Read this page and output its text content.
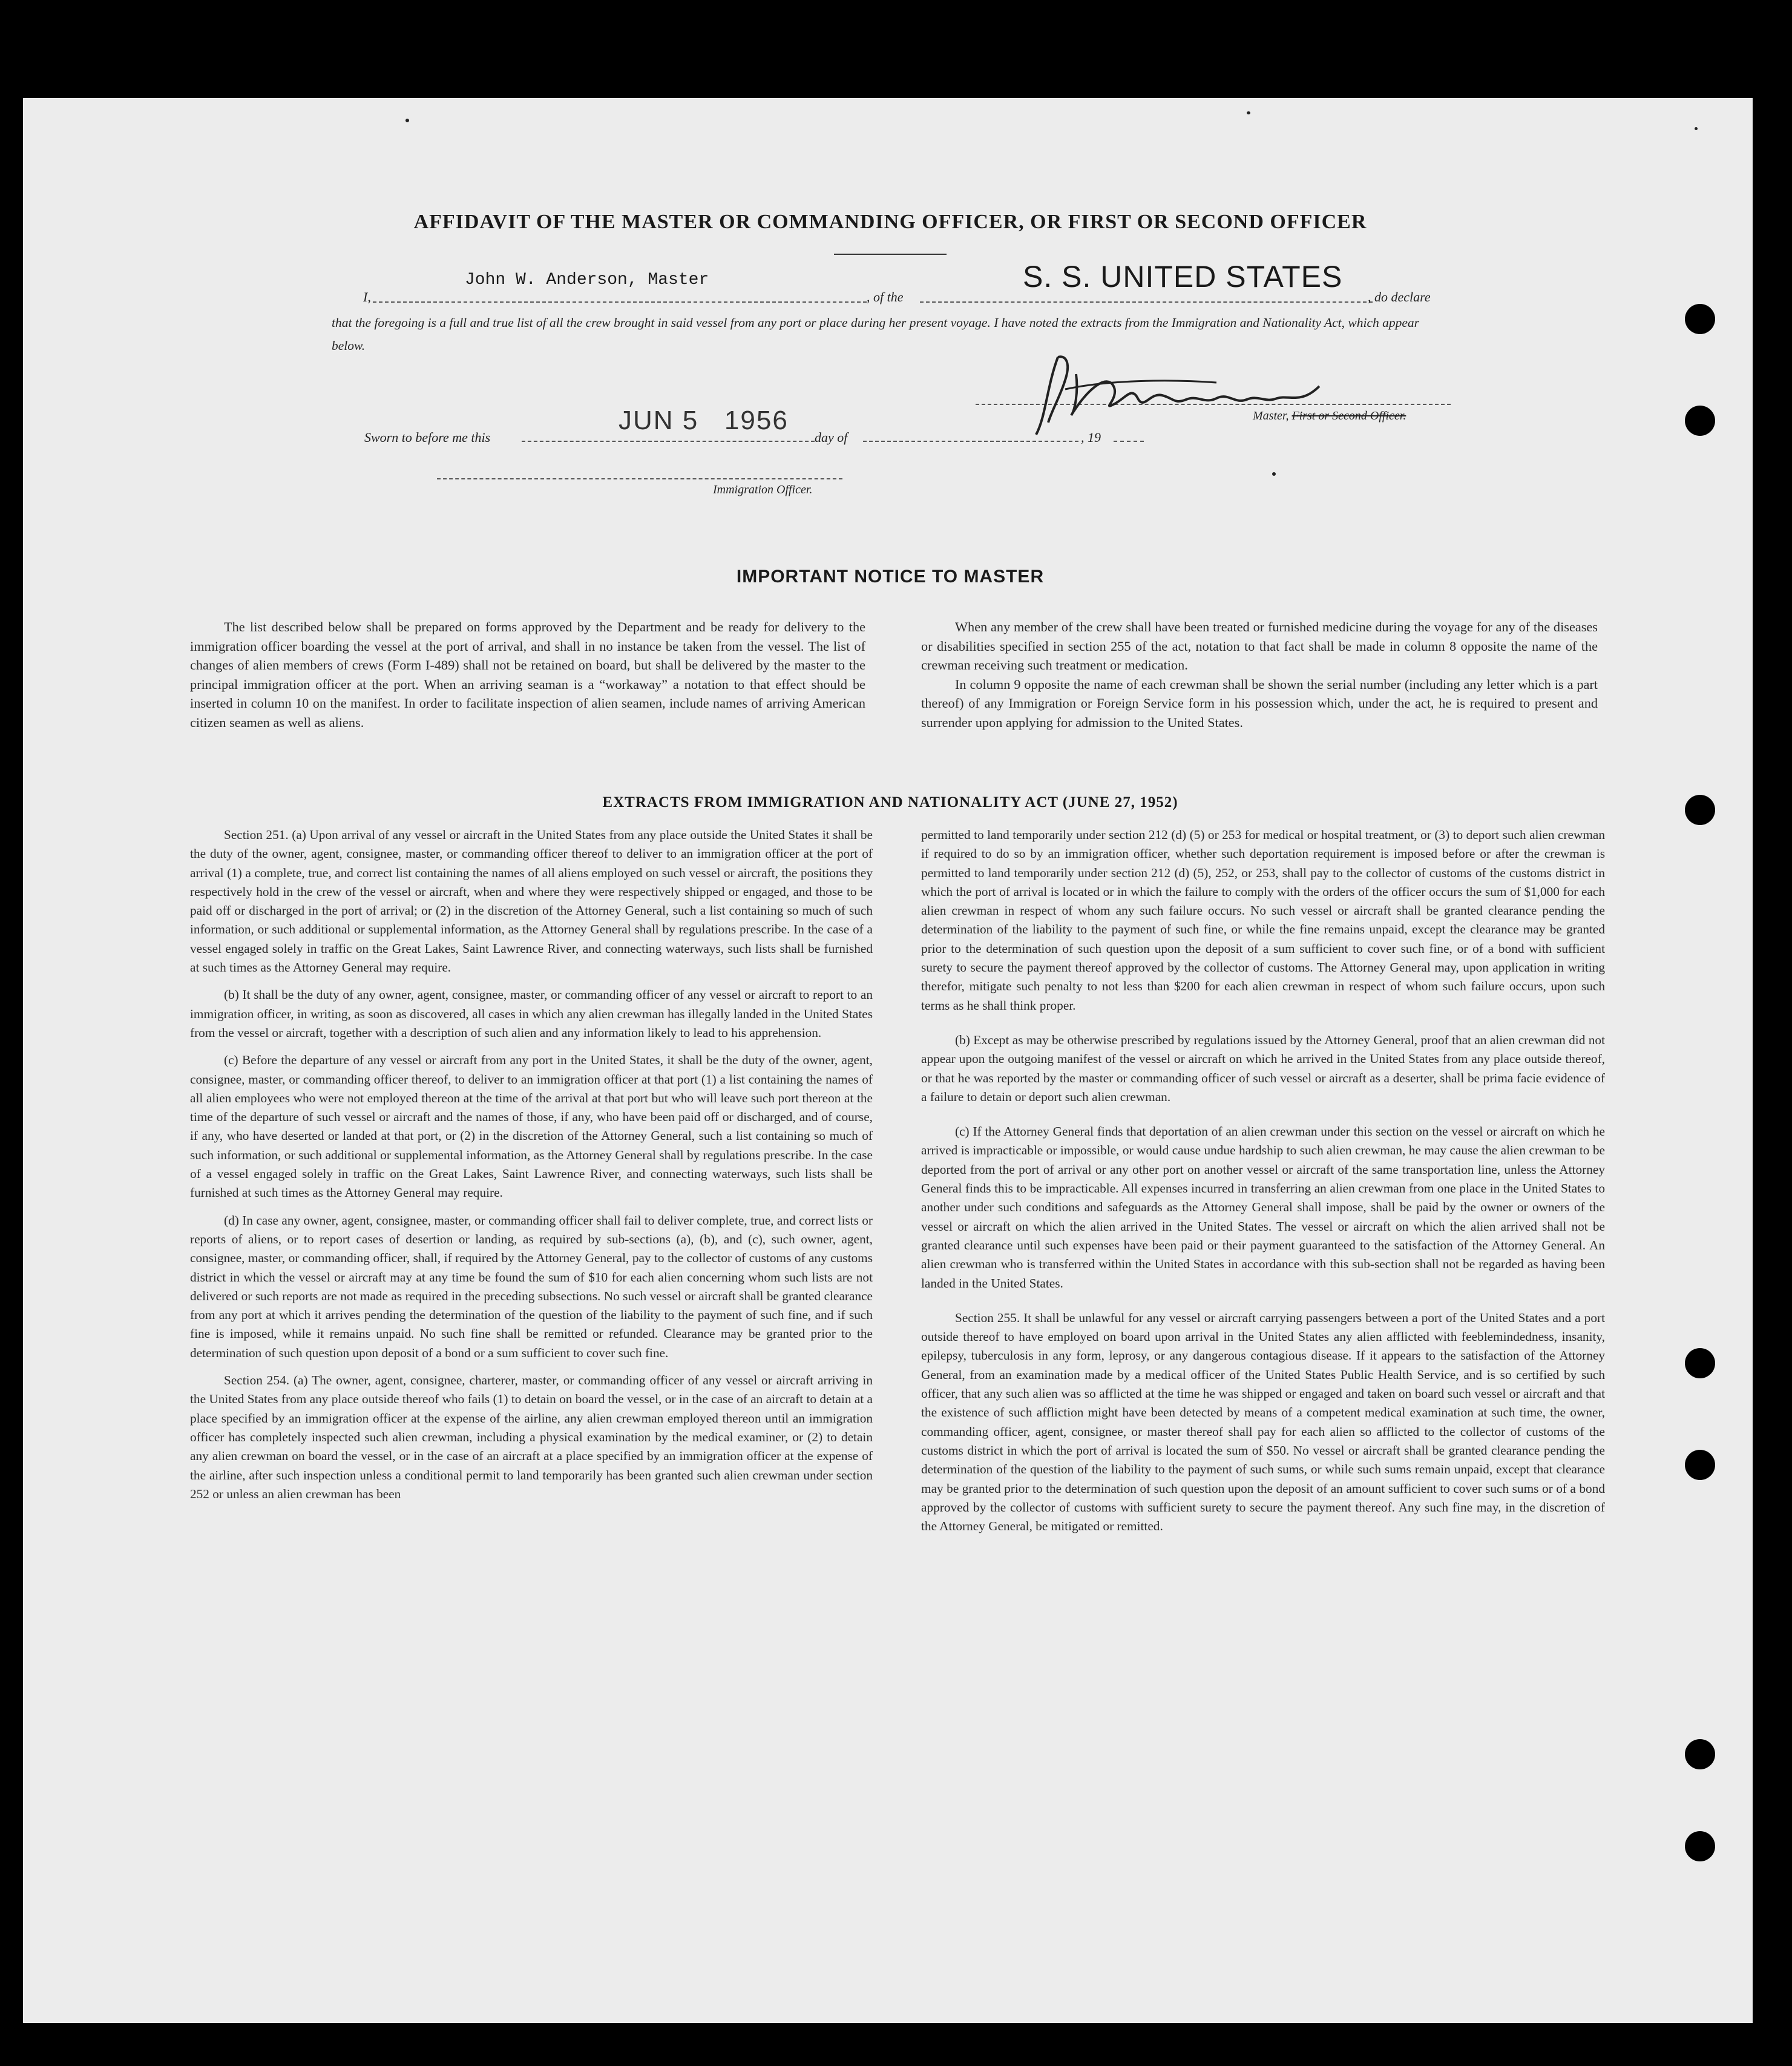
AFFIDAVIT OF THE MASTER OR COMMANDING OFFICER, OR FIRST OR SECOND OFFICER
I,
John W. Anderson, Master
, of the
S. S. UNITED STATES
, do declare
that the foregoing is a full and true list of all the crew brought in said vessel from any port or place during her present voyage. I have noted the extracts from the Immigration and Nationality Act, which appear below.
Master, First or Second Officer.
Sworn to before me this
JUN 5   1956
day of	, 19
Immigration Officer.
IMPORTANT NOTICE TO MASTER

The list described below shall be prepared on forms approved by the Department and be ready for delivery to the immigration officer boarding the vessel at the port of arrival, and shall in no instance be taken from the vessel. The list of changes of alien members of crews (Form I-489) shall not be retained on board, but shall be delivered by the master to the principal immigration officer at the port. When an arriving seaman is a “workaway” a notation to that effect should be inserted in column 10 on the manifest. In order to facilitate inspection of alien seamen, include names of arriving American citizen seamen as well as aliens.

When any member of the crew shall have been treated or furnished medicine during the voyage for any of the diseases or disabilities specified in section 255 of the act, notation to that fact shall be made in column 8 opposite the name of the crewman receiving such treatment or medication.

In column 9 opposite the name of each crewman shall be shown the serial number (including any letter which is a part thereof) of any Immigration or Foreign Service form in his possession which, under the act, he is required to present and surrender upon applying for admission to the United States.

EXTRACTS FROM IMMIGRATION AND NATIONALITY ACT (JUNE 27, 1952)

Section 251. (a) Upon arrival of any vessel or aircraft in the United States from any place outside the United States it shall be the duty of the owner, agent, consignee, master, or commanding officer thereof to deliver to an immigration officer at the port of arrival (1) a complete, true, and correct list containing the names of all aliens employed on such vessel or aircraft, the positions they respectively hold in the crew of the vessel or aircraft, when and where they were respectively shipped or engaged, and those to be paid off or discharged in the port of arrival; or (2) in the discretion of the Attorney General, such a list containing so much of such information, or such additional or supplemental information, as the Attorney General shall by regulations prescribe. In the case of a vessel engaged solely in traffic on the Great Lakes, Saint Lawrence River, and connecting waterways, such lists shall be furnished at such times as the Attorney General may require.

(b) It shall be the duty of any owner, agent, consignee, master, or commanding officer of any vessel or aircraft to report to an immigration officer, in writing, as soon as discovered, all cases in which any alien crewman has illegally landed in the United States from the vessel or aircraft, together with a description of such alien and any information likely to lead to his apprehension.

(c) Before the departure of any vessel or aircraft from any port in the United States, it shall be the duty of the owner, agent, consignee, master, or commanding officer thereof, to deliver to an immigration officer at that port (1) a list containing the names of all alien employees who were not employed thereon at the time of the arrival at that port but who will leave such port thereon at the time of the departure of such vessel or aircraft and the names of those, if any, who have been paid off or discharged, and of course, if any, who have deserted or landed at that port, or (2) in the discretion of the Attorney General, such a list containing so much of such information, or such additional or supplemental information, as the Attorney General shall by regulations prescribe. In the case of a vessel engaged solely in traffic on the Great Lakes, Saint Lawrence River, and connecting waterways, such lists shall be furnished at such times as the Attorney General may require.

(d) In case any owner, agent, consignee, master, or commanding officer shall fail to deliver complete, true, and correct lists or reports of aliens, or to report cases of desertion or landing, as required by sub-sections (a), (b), and (c), such owner, agent, consignee, master, or commanding officer, shall, if required by the Attorney General, pay to the collector of customs of any customs district in which the vessel or aircraft may at any time be found the sum of $10 for each alien concerning whom such lists are not delivered or such reports are not made as required in the preceding subsections. No such vessel or aircraft shall be granted clearance from any port at which it arrives pending the determination of the question of the liability to the payment of such fine, and if such fine is imposed, while it remains unpaid. No such fine shall be remitted or refunded. Clearance may be granted prior to the determination of such question upon deposit of a bond or a sum sufficient to cover such fine.

Section 254. (a) The owner, agent, consignee, charterer, master, or commanding officer of any vessel or aircraft arriving in the United States from any place outside thereof who fails (1) to detain on board the vessel, or in the case of an aircraft to detain at a place specified by an immigration officer at the expense of the airline, any alien crewman employed thereon until an immigration officer has completely inspected such alien crewman, including a physical examination by the medical examiner, or (2) to detain any alien crewman on board the vessel, or in the case of an aircraft at a place specified by an immigration officer at the expense of the airline, after such inspection unless a conditional permit to land temporarily has been granted such alien crewman under section 252 or unless an alien crewman has been

permitted to land temporarily under section 212 (d) (5) or 253 for medical or hospital treatment, or (3) to deport such alien crewman if required to do so by an immigration officer, whether such deportation requirement is imposed before or after the crewman is permitted to land temporarily under section 212 (d) (5), 252, or 253, shall pay to the collector of customs of the customs district in which the port of arrival is located or in which the failure to comply with the orders of the officer occurs the sum of $1,000 for each alien crewman in respect of whom any such failure occurs. No such vessel or aircraft shall be granted clearance pending the determination of the liability to the payment of such fine, or while the fine remains unpaid, except the clearance may be granted prior to the determination of such question upon the deposit of a sum sufficient to cover such fine, or of a bond with sufficient surety to secure the payment thereof approved by the collector of customs. The Attorney General may, upon application in writing therefor, mitigate such penalty to not less than $200 for each alien crewman in respect of whom such failure occurs, upon such terms as he shall think proper.

(b) Except as may be otherwise prescribed by regulations issued by the Attorney General, proof that an alien crewman did not appear upon the outgoing manifest of the vessel or aircraft on which he arrived in the United States from any place outside thereof, or that he was reported by the master or commanding officer of such vessel or aircraft as a deserter, shall be prima facie evidence of a failure to detain or deport such alien crewman.

(c) If the Attorney General finds that deportation of an alien crewman under this section on the vessel or aircraft on which he arrived is impracticable or impossible, or would cause undue hardship to such alien crewman, he may cause the alien crewman to be deported from the port of arrival or any other port on another vessel or aircraft of the same transportation line, unless the Attorney General finds this to be impracticable. All expenses incurred in transferring an alien crewman from one place in the United States to another under such conditions and safeguards as the Attorney General shall impose, shall be paid by the owner or owners of the vessel or aircraft on which the alien arrived in the United States. The vessel or aircraft on which the alien arrived shall not be granted clearance until such expenses have been paid or their payment guaranteed to the satisfaction of the Attorney General. An alien crewman who is transferred within the United States in accordance with this sub-section shall not be regarded as having been landed in the United States.

Section 255. It shall be unlawful for any vessel or aircraft carrying passengers between a port of the United States and a port outside thereof to have employed on board upon arrival in the United States any alien afflicted with feeblemindedness, insanity, epilepsy, tuberculosis in any form, leprosy, or any dangerous contagious disease. If it appears to the satisfaction of the Attorney General, from an examination made by a medical officer of the United States Public Health Service, and is so certified by such officer, that any such alien was so afflicted at the time he was shipped or engaged and taken on board such vessel or aircraft and that the existence of such affliction might have been detected by means of a competent medical examination at such time, the owner, commanding officer, agent, consignee, or master thereof shall pay for each alien so afflicted to the collector of customs of the customs district in which the port of arrival is located the sum of $50. No vessel or aircraft shall be granted clearance pending the determination of the question of the liability to the payment of such sums, or while such sums remain unpaid, except that clearance may be granted prior to the determination of such question upon the deposit of an amount sufficient to cover such sums or of a bond approved by the collector of customs with sufficient surety to secure the payment thereof. Any such fine may, in the discretion of the Attorney General, be mitigated or remitted.
